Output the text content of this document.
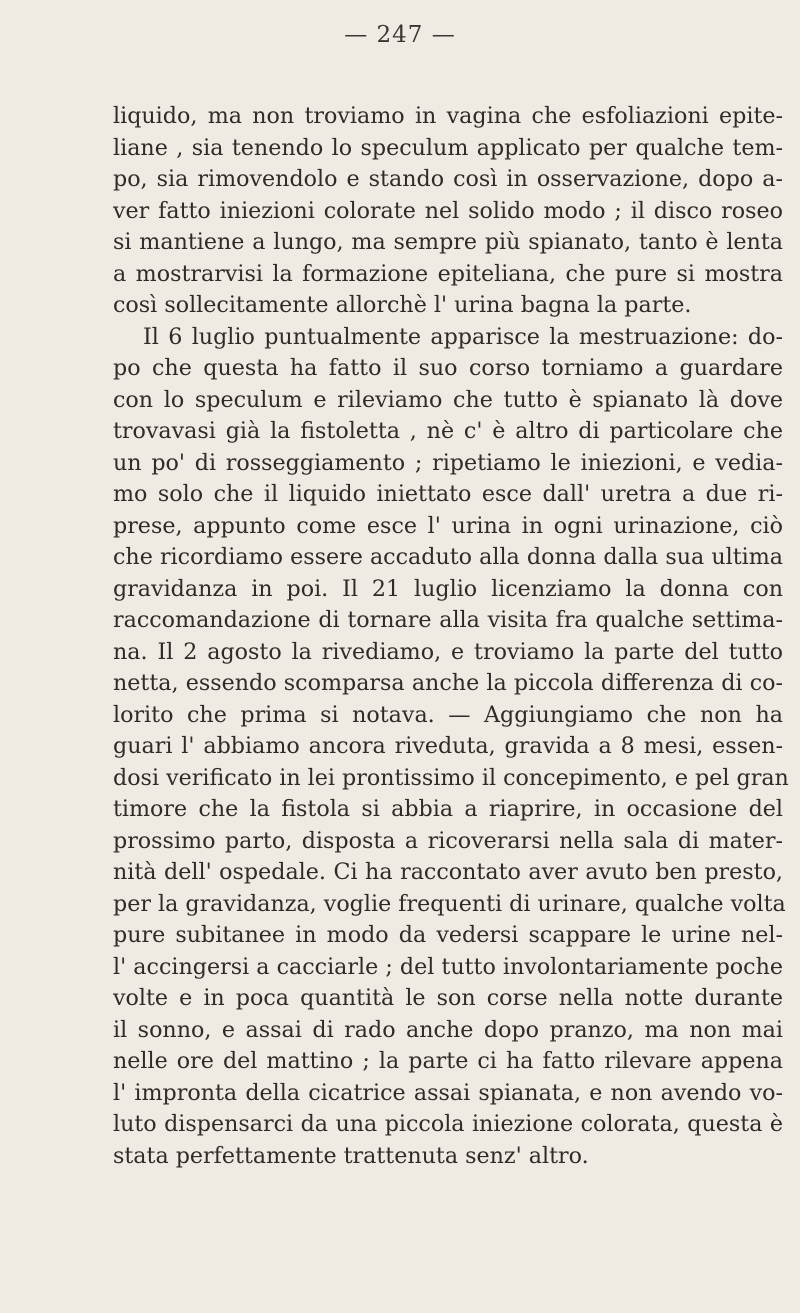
— 247 —
liquido, ma non troviamo in vagina che esfoliazioni epite-
liane , sia tenendo lo speculum applicato per qualche tem-
po, sia rimovendolo e stando così in osservazione, dopo a-
ver fatto iniezioni colorate nel solido modo ; il disco roseo
si mantiene a lungo, ma sempre più spianato, tanto è lenta
a mostrarvisi la formazione epiteliana, che pure si mostra
così sollecitamente allorchè l' urina bagna la parte.
Il 6 luglio puntualmente apparisce la mestruazione: do-
po che questa ha fatto il suo corso torniamo a guardare
con lo speculum e rileviamo che tutto è spianato là dove
trovavasi già la fistoletta , nè c' è altro di particolare che
un po' di rosseggiamento ; ripetiamo le iniezioni, e vedia-
mo solo che il liquido iniettato esce dall' uretra a due ri-
prese, appunto come esce l' urina in ogni urinazione, ciò
che ricordiamo essere accaduto alla donna dalla sua ultima
gravidanza in poi. Il 21 luglio licenziamo la donna con
raccomandazione di tornare alla visita fra qualche settima-
na. Il 2 agosto la rivediamo, e troviamo la parte del tutto
netta, essendo scomparsa anche la piccola differenza di co-
lorito che prima si notava. — Aggiungiamo che non ha
guari l' abbiamo ancora riveduta, gravida a 8 mesi, essen-
dosi verificato in lei prontissimo il concepimento, e pel gran
timore che la fistola si abbia a riaprire, in occasione del
prossimo parto, disposta a ricoverarsi nella sala di mater-
nità dell' ospedale. Ci ha raccontato aver avuto ben presto,
per la gravidanza, voglie frequenti di urinare, qualche volta
pure subitanee in modo da vedersi scappare le urine nel-
l' accingersi a cacciarle ; del tutto involontariamente poche
volte e in poca quantità le son corse nella notte durante
il sonno, e assai di rado anche dopo pranzo, ma non mai
nelle ore del mattino ; la parte ci ha fatto rilevare appena
l' impronta della cicatrice assai spianata, e non avendo vo-
luto dispensarci da una piccola iniezione colorata, questa è
stata perfettamente trattenuta senz' altro.
